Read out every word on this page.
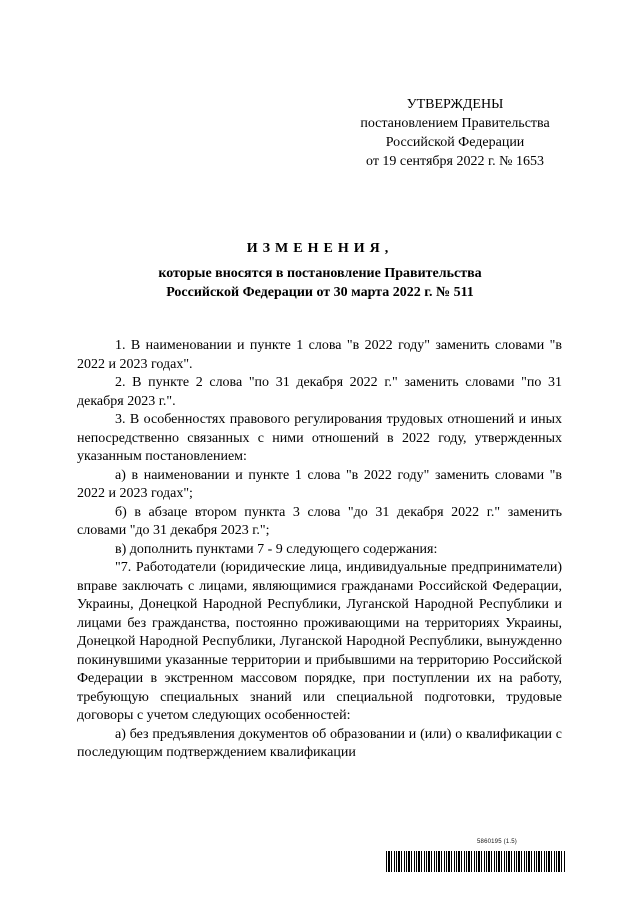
УТВЕРЖДЕНЫ
постановлением Правительства
Российской Федерации
от 19 сентября 2022 г. № 1653
ИЗМЕНЕНИЯ,
которые вносятся в постановление Правительства
Российской Федерации от 30 марта 2022 г. № 511

1. В наименовании и пункте 1 слова "в 2022 году" заменить словами "в 2022 и 2023 годах".

2. В пункте 2 слова "по 31 декабря 2022 г." заменить словами "по 31 декабря 2023 г.".

3. В особенностях правового регулирования трудовых отношений и иных непосредственно связанных с ними отношений в 2022 году, утвержденных указанным постановлением:

а) в наименовании и пункте 1 слова "в 2022 году" заменить словами "в 2022 и 2023 годах";

б) в абзаце втором пункта 3 слова "до 31 декабря 2022 г." заменить словами "до 31 декабря 2023 г.";

в) дополнить пунктами 7 - 9 следующего содержания:

"7. Работодатели (юридические лица, индивидуальные предприниматели) вправе заключать с лицами, являющимися гражданами Российской Федерации, Украины, Донецкой Народной Республики, Луганской Народной Республики и лицами без гражданства, постоянно проживающими на территориях Украины, Донецкой Народной Республики, Луганской Народной Республики, вынужденно покинувшими указанные территории и прибывшими на территорию Российской Федерации в экстренном массовом порядке, при поступлении их на работу, требующую специальных знаний или специальной подготовки, трудовые договоры с учетом следующих особенностей:

а) без предъявления документов об образовании и (или) о квалификации с последующим подтверждением квалификации

5860195 (1.5)
